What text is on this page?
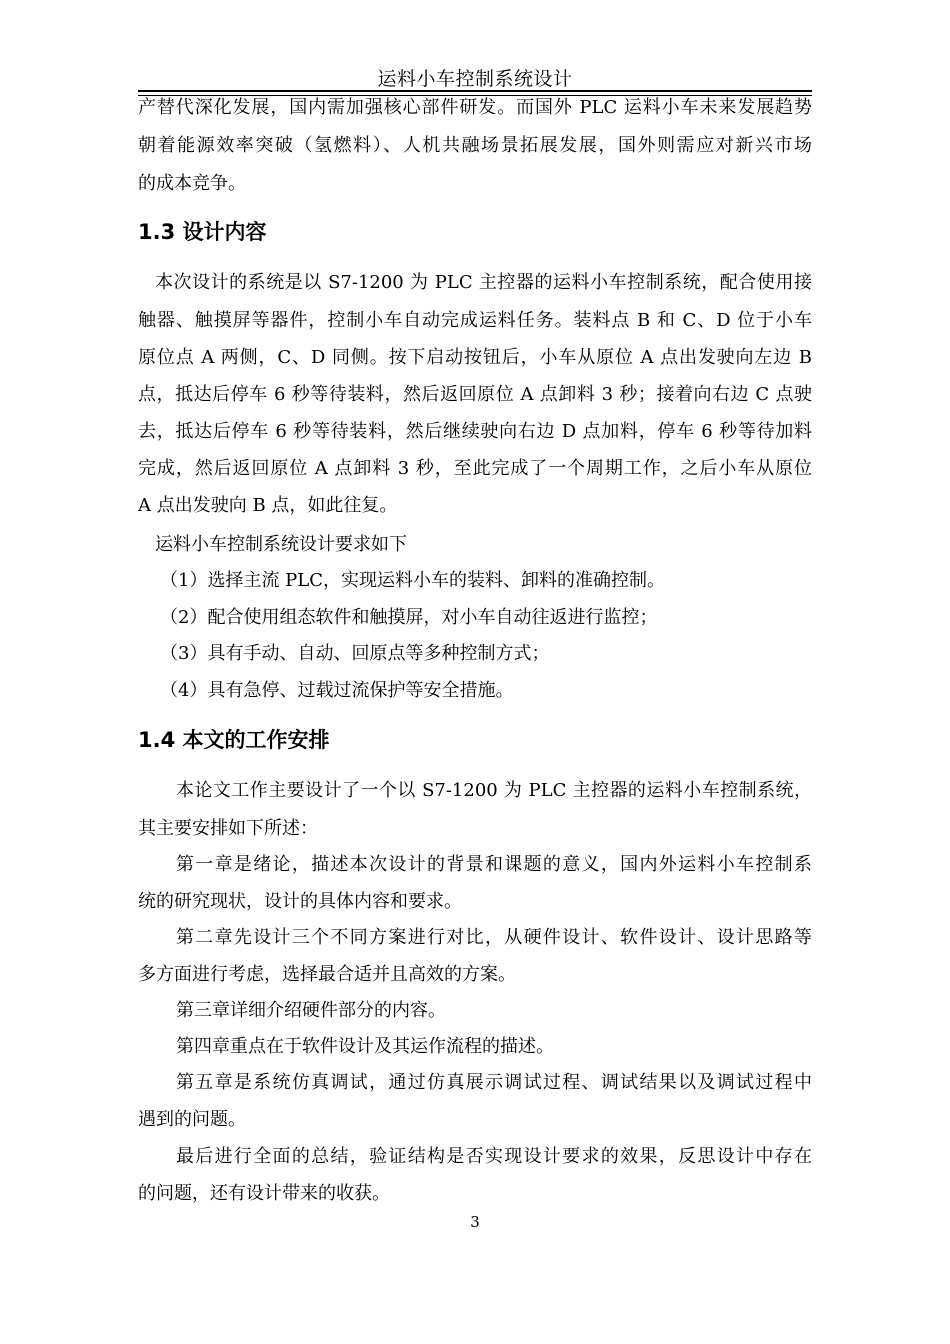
运料小车控制系统设计
产替代深化发展，国内需加强核心部件研发。而国外 PLC 运料小车未来发展趋势
朝着能源效率突破（氢燃料）、人机共融场景拓展发展，国外则需应对新兴市场
的成本竞争。
1.3 设计内容
本次设计的系统是以 S7-1200 为 PLC 主控器的运料小车控制系统，配合使用接
触器、触摸屏等器件，控制小车自动完成运料任务。装料点 B 和 C、D 位于小车
原位点 A 两侧，C、D 同侧。按下启动按钮后，小车从原位 A 点出发驶向左边 B
点，抵达后停车 6 秒等待装料，然后返回原位 A 点卸料 3 秒；接着向右边 C 点驶
去，抵达后停车 6 秒等待装料，然后继续驶向右边 D 点加料，停车 6 秒等待加料
完成，然后返回原位 A 点卸料 3 秒，至此完成了一个周期工作，之后小车从原位
A 点出发驶向 B 点，如此往复。
运料小车控制系统设计要求如下
（1）选择主流 PLC，实现运料小车的装料、卸料的准确控制。
（2）配合使用组态软件和触摸屏，对小车自动往返进行监控；
（3）具有手动、自动、回原点等多种控制方式；
（4）具有急停、过载过流保护等安全措施。
1.4 本文的工作安排
本论文工作主要设计了一个以 S7-1200 为 PLC 主控器的运料小车控制系统，
其主要安排如下所述：
第一章是绪论，描述本次设计的背景和课题的意义，国内外运料小车控制系
统的研究现状，设计的具体内容和要求。
第二章先设计三个不同方案进行对比，从硬件设计、软件设计、设计思路等
多方面进行考虑，选择最合适并且高效的方案。
第三章详细介绍硬件部分的内容。
第四章重点在于软件设计及其运作流程的描述。
第五章是系统仿真调试，通过仿真展示调试过程、调试结果以及调试过程中
遇到的问题。
最后进行全面的总结，验证结构是否实现设计要求的效果，反思设计中存在
的问题，还有设计带来的收获。
3
